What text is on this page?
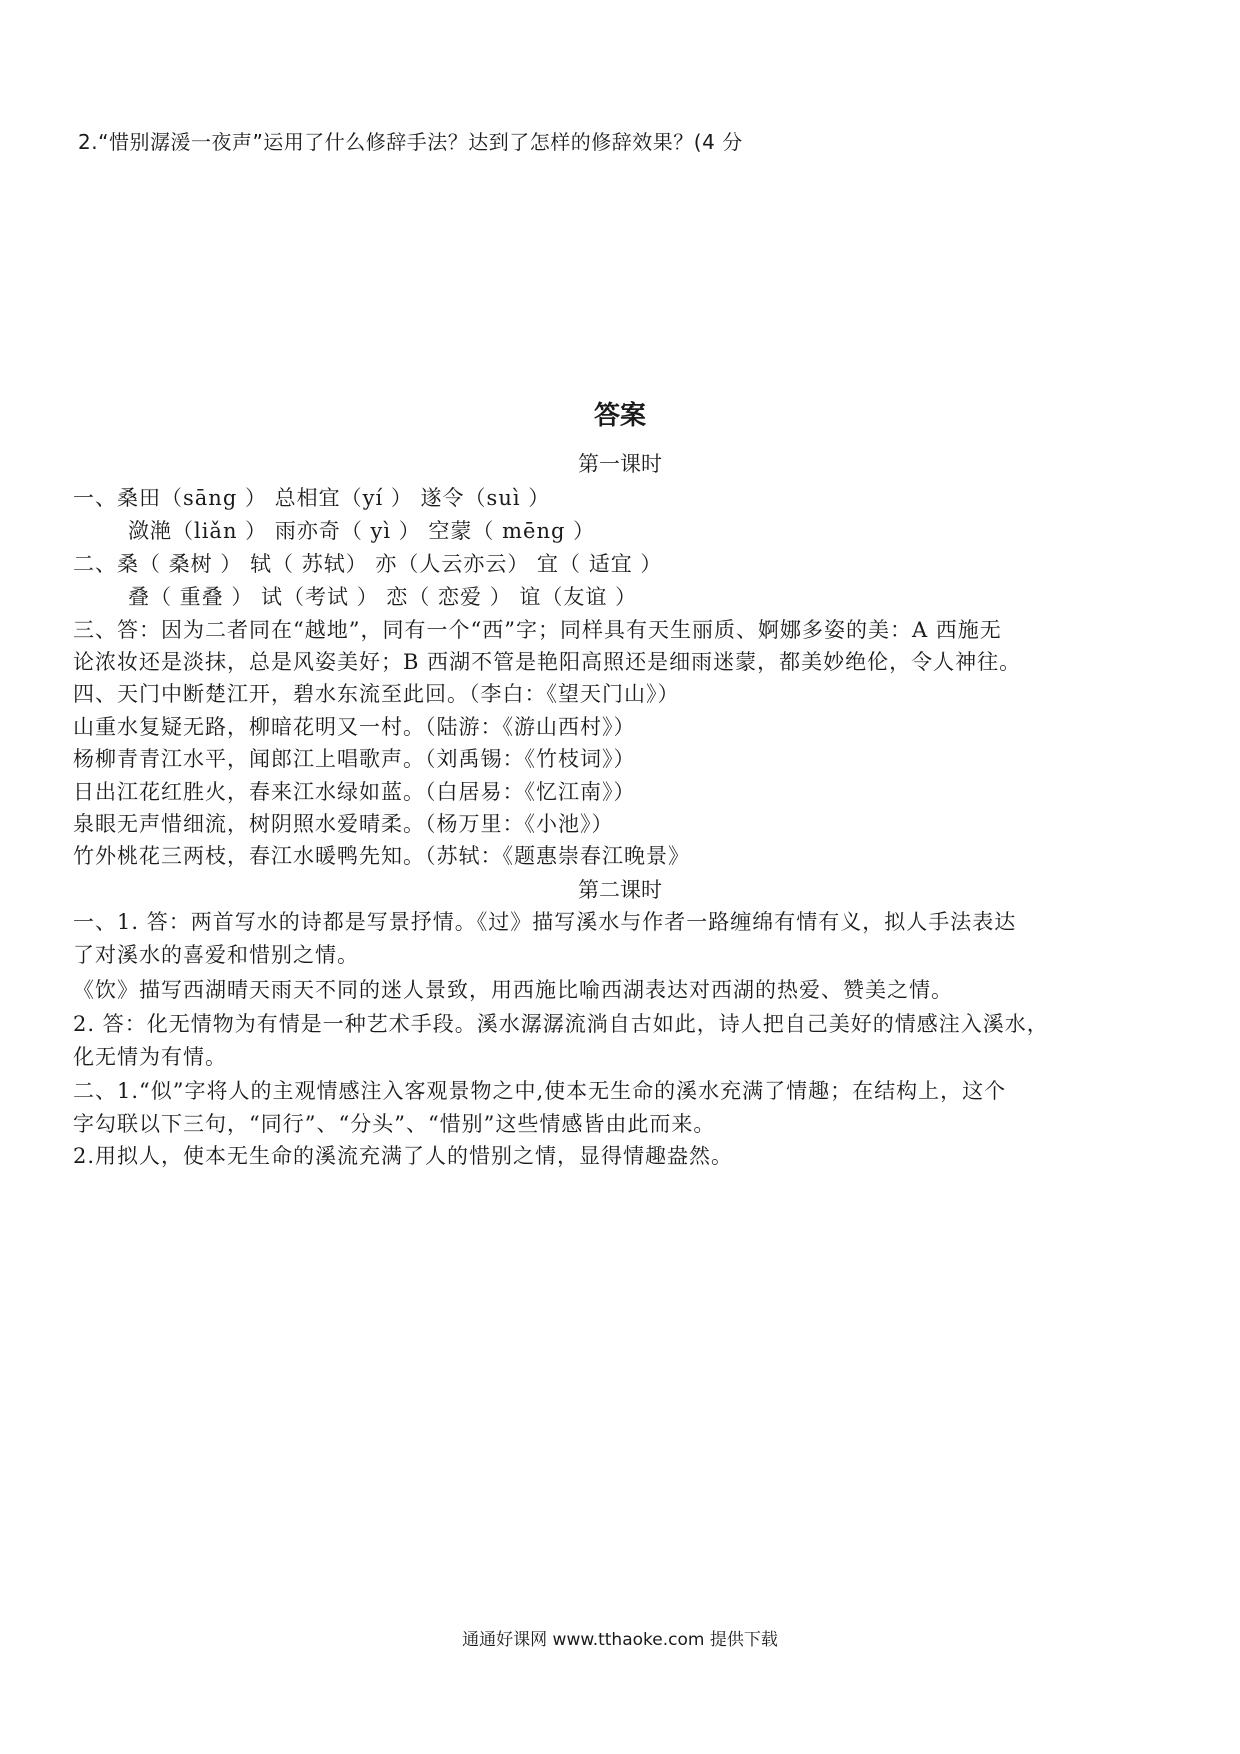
2.“惜别潺湲一夜声”运用了什么修辞手法？达到了怎样的修辞效果？(4 分
答案
第一课时
一、桑田（sāng ） 总相宜（yí ） 遂令（suì ）
潋滟（liǎn ） 雨亦奇（ yì ） 空蒙（ mēng ）
二、桑（ 桑树 ） 轼（ 苏轼） 亦（人云亦云） 宜（ 适宜 ）
叠（ 重叠 ） 试（考试 ） 恋（ 恋爱 ） 谊（友谊 ）
三、答：因为二者同在“越地”，同有一个“西”字；同样具有天生丽质、婀娜多姿的美：A 西施无
论浓妆还是淡抹，总是风姿美好；B 西湖不管是艳阳高照还是细雨迷蒙，都美妙绝伦，令人神往。
四、天门中断楚江开，碧水东流至此回。（李白：《望天门山》）
山重水复疑无路，柳暗花明又一村。（陆游：《游山西村》）
杨柳青青江水平，闻郎江上唱歌声。（刘禹锡：《竹枝词》）
日出江花红胜火，春来江水绿如蓝。（白居易：《忆江南》）
泉眼无声惜细流，树阴照水爱晴柔。（杨万里：《小池》）
竹外桃花三两枝，春江水暖鸭先知。（苏轼：《题惠崇春江晚景》
第二课时
一、1. 答：两首写水的诗都是写景抒情。《过》描写溪水与作者一路缠绵有情有义，拟人手法表达
了对溪水的喜爱和惜别之情。
《饮》描写西湖晴天雨天不同的迷人景致，用西施比喻西湖表达对西湖的热爱、赞美之情。
2. 答：化无情物为有情是一种艺术手段。溪水潺潺流淌自古如此，诗人把自己美好的情感注入溪水，
化无情为有情。
二、1.“似”字将人的主观情感注入客观景物之中,使本无生命的溪水充满了情趣；在结构上，这个
字勾联以下三句，“同行”、“分头”、“惜别”这些情感皆由此而来。
2.用拟人，使本无生命的溪流充满了人的惜别之情，显得情趣盎然。
通通好课网 www.tthaoke.com 提供下载
